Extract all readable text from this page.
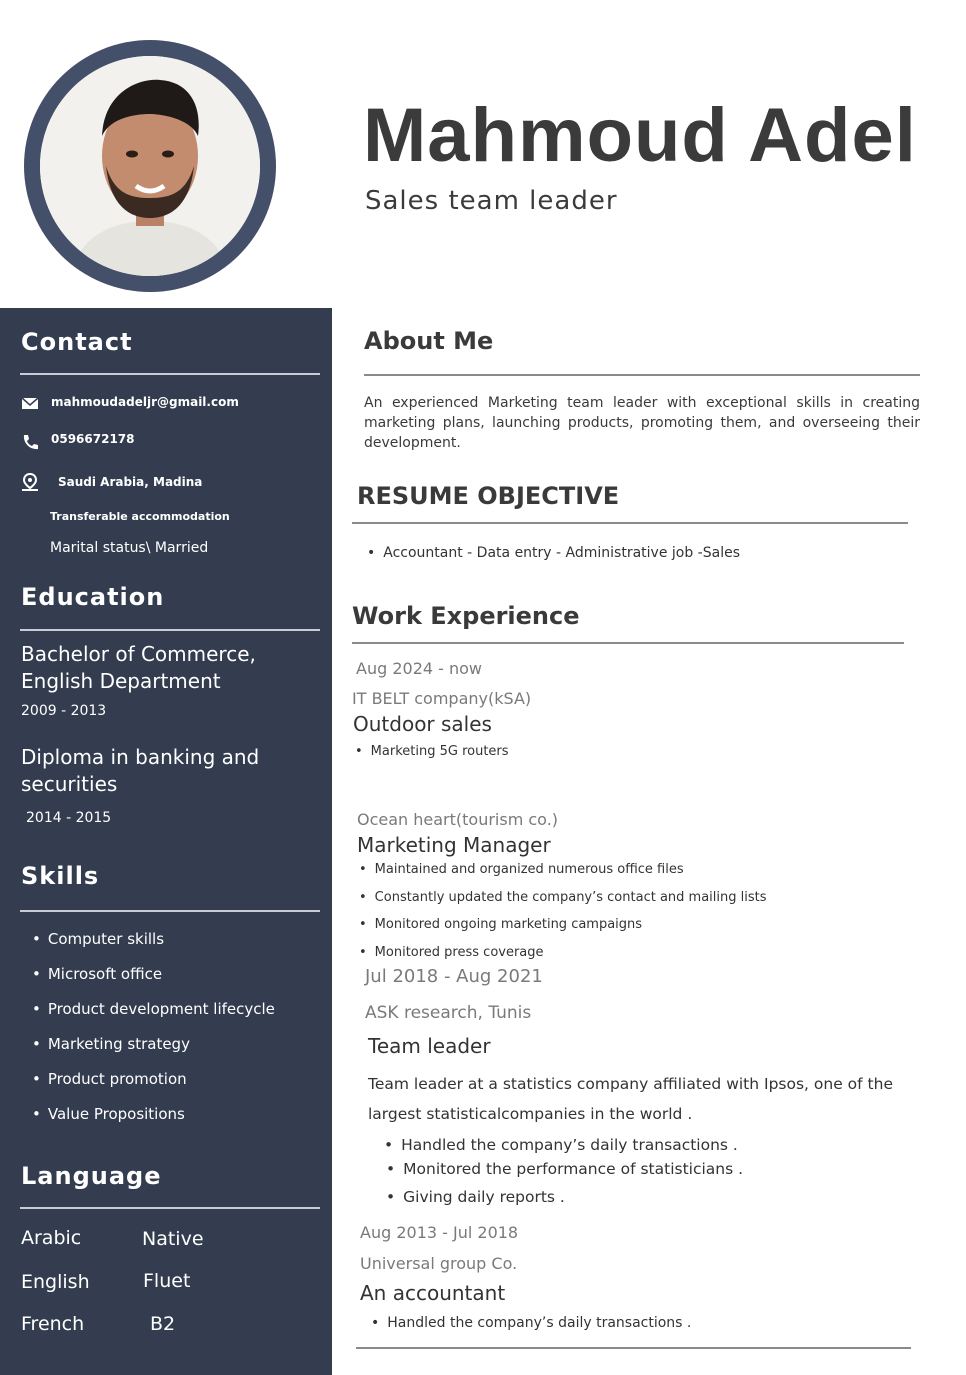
Mahmoud Adel
Sales team leader
Contact
mahmoudadeljr@gmail.com
0596672178
Saudi Arabia, Madina
Transferable accommodation
Marital status\ Married
Education
Bachelor of Commerce, English Department
2009 - 2013
Diploma in banking and securities
2014 - 2015
Skills
• Computer skills
• Microsoft office
• Product development lifecycle
• Marketing strategy
• Product promotion
• Value Propositions
Language
Arabic	Native
English	Fluet
French	B2
About Me
An experienced Marketing team leader with exceptional skills in creating marketing plans, launching products, promoting them, and overseeing their development.
RESUME OBJECTIVE
• Accountant - Data entry - Administrative job -Sales
Work Experience
Aug 2024 - now
IT BELT company(kSA)
Outdoor sales
• Marketing 5G routers
Ocean heart(tourism co.)
Marketing Manager
• Maintained and organized numerous office files
• Constantly updated the company’s contact and mailing lists
• Monitored ongoing marketing campaigns
• Monitored press coverage
Jul 2018 - Aug 2021
ASK research, Tunis
Team leader
Team leader at a statistics company affiliated with Ipsos, one of the largest statisticalcompanies in the world .
• Handled the company’s daily transactions .
• Monitored the performance of statisticians .
• Giving daily reports .
Aug 2013 - Jul 2018
Universal group Co.
An accountant
• Handled the company’s daily transactions .
